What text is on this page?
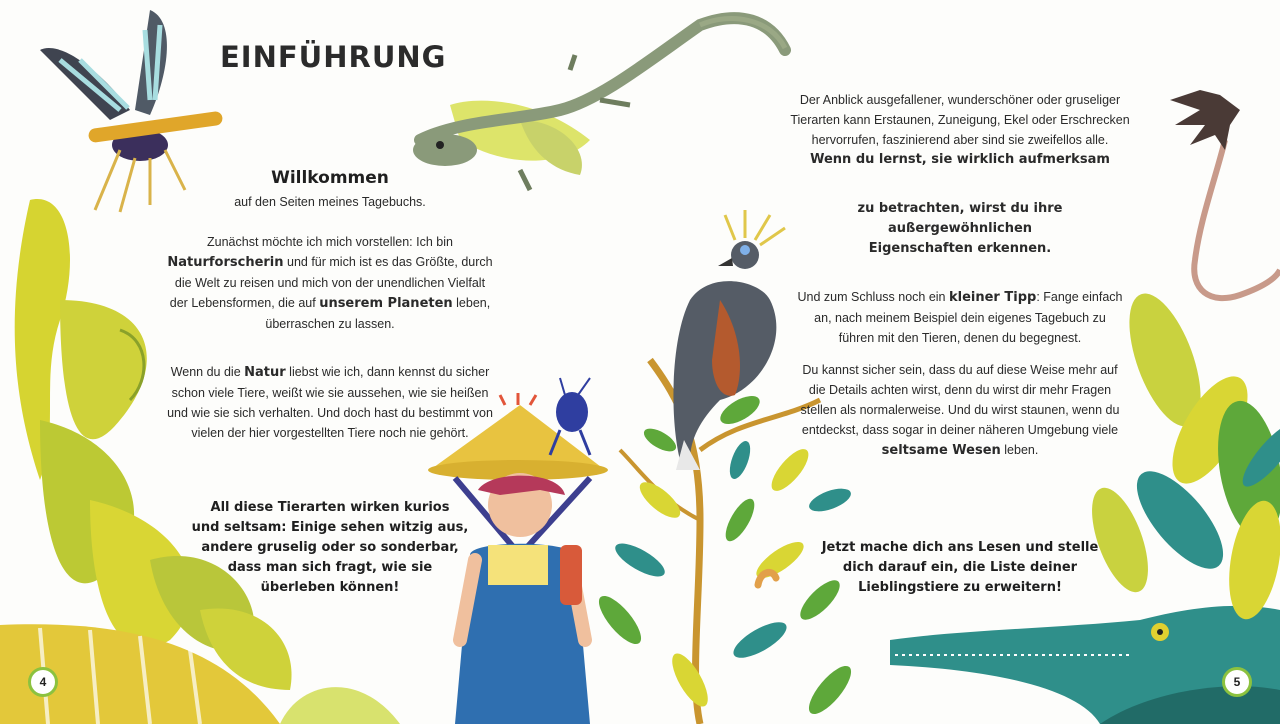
EINFÜHRUNG
Willkommen
auf den Seiten meines Tagebuchs.
Zunächst möchte ich mich vorstellen: Ich bin
Naturforscherin und für mich ist es das Größte, durch
die Welt zu reisen und mich von der unendlichen Vielfalt
der Lebensformen, die auf unserem Planeten leben,
überraschen zu lassen.
Wenn du die Natur liebst wie ich, dann kennst du sicher
schon viele Tiere, weißt wie sie aussehen, wie sie heißen
und wie sie sich verhalten. Und doch hast du bestimmt von
vielen der hier vorgestellten Tiere noch nie gehört.
All diese Tierarten wirken kurios
und seltsam: Einige sehen witzig aus,
andere gruselig oder so sonderbar,
dass man sich fragt, wie sie
überleben können!
Der Anblick ausgefallener, wunderschöner oder gruseliger
Tierarten kann Erstaunen, Zuneigung, Ekel oder Erschrecken
hervorrufen, faszinierend aber sind sie zweifellos alle.
Wenn du lernst, sie wirklich aufmerksam
zu betrachten, wirst du ihre außergewöhnlichen
Eigenschaften erkennen.
Und zum Schluss noch ein kleiner Tipp: Fange einfach
an, nach meinem Beispiel dein eigenes Tagebuch zu
führen mit den Tieren, denen du begegnest.
Du kannst sicher sein, dass du auf diese Weise mehr auf
die Details achten wirst, denn du wirst dir mehr Fragen
stellen als normalerweise. Und du wirst staunen, wenn du
entdeckst, dass sogar in deiner näheren Umgebung viele
seltsame Wesen leben.
Jetzt mache dich ans Lesen und stelle
dich darauf ein, die Liste deiner
Lieblingstiere zu erweitern!
4	5
